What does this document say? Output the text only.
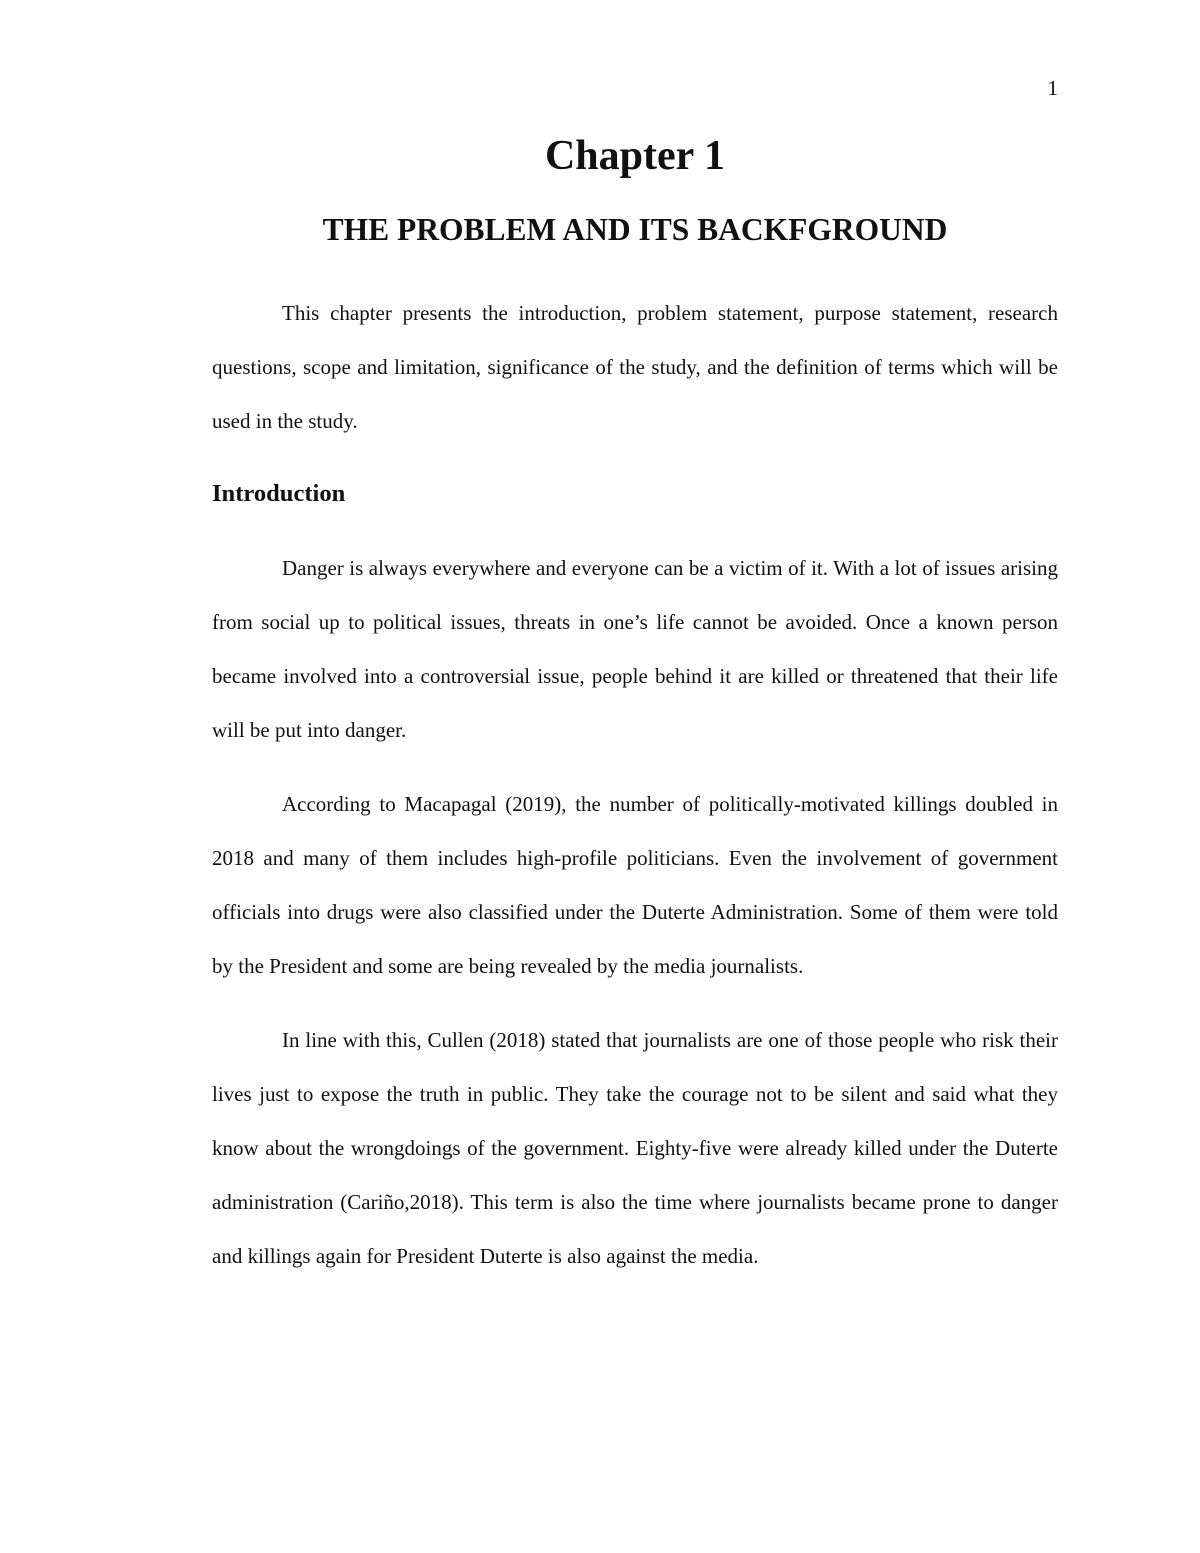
1
Chapter 1
THE PROBLEM AND ITS BACKFGROUND

This chapter presents the introduction, problem statement, purpose statement, research questions, scope and limitation, significance of the study, and the definition of terms which will be used in the study.

Introduction

Danger is always everywhere and everyone can be a victim of it. With a lot of issues arising from social up to political issues, threats in one’s life cannot be avoided. Once a known person became involved into a controversial issue, people behind it are killed or threatened that their life will be put into danger.

According to Macapagal (2019), the number of politically-motivated killings doubled in 2018 and many of them includes high-profile politicians. Even the involvement of government officials into drugs were also classified under the Duterte Administration. Some of them were told by the President and some are being revealed by the media journalists.

In line with this, Cullen (2018) stated that journalists are one of those people who risk their lives just to expose the truth in public. They take the courage not to be silent and said what they know about the wrongdoings of the government. Eighty-five were already killed under the Duterte administration (Cariño,2018). This term is also the time where journalists became prone to danger and killings again for President Duterte is also against the media.
